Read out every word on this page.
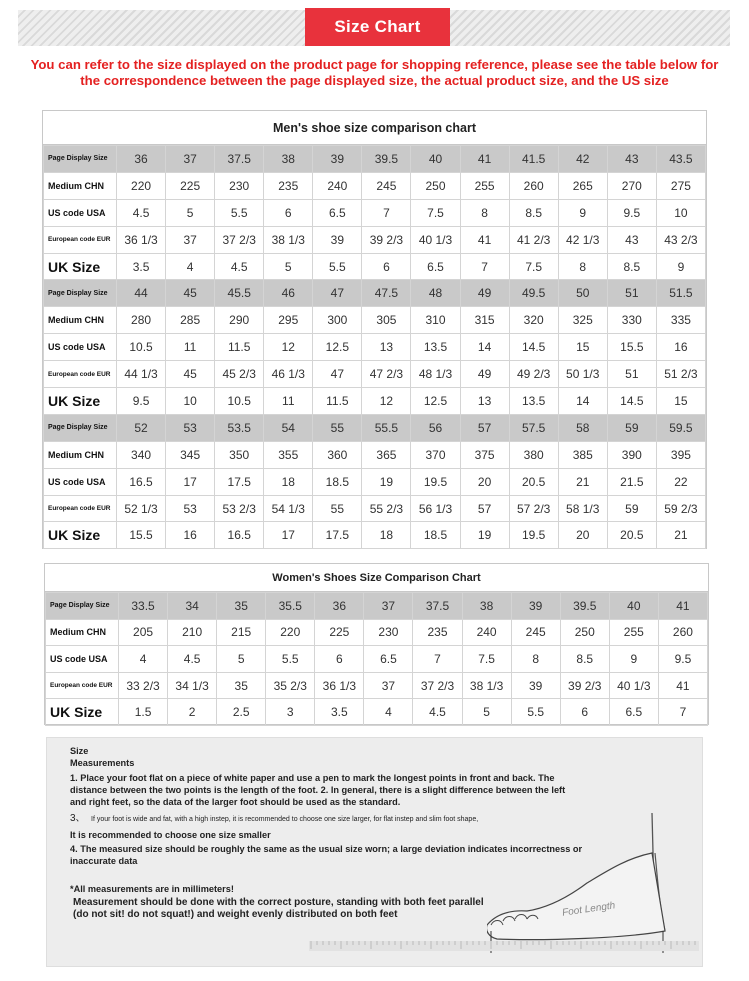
Size Chart
You can refer to the size displayed on the product page for shopping reference, please see the table below for the correspondence between the page displayed size, the actual product size, and the US size
Men's shoe size comparison chart
Page Display Size	36	37	37.5	38	39	39.5	40	41	41.5	42	43	43.5
Medium CHN	220	225	230	235	240	245	250	255	260	265	270	275
US code USA	4.5	5	5.5	6	6.5	7	7.5	8	8.5	9	9.5	10
European code EUR	36 1/3	37	37 2/3	38 1/3	39	39 2/3	40 1/3	41	41 2/3	42 1/3	43	43 2/3
UK Size	3.5	4	4.5	5	5.5	6	6.5	7	7.5	8	8.5	9
Page Display Size	44	45	45.5	46	47	47.5	48	49	49.5	50	51	51.5
Medium CHN	280	285	290	295	300	305	310	315	320	325	330	335
US code USA	10.5	11	11.5	12	12.5	13	13.5	14	14.5	15	15.5	16
European code EUR	44 1/3	45	45 2/3	46 1/3	47	47 2/3	48 1/3	49	49 2/3	50 1/3	51	51 2/3
UK Size	9.5	10	10.5	11	11.5	12	12.5	13	13.5	14	14.5	15
Page Display Size	52	53	53.5	54	55	55.5	56	57	57.5	58	59	59.5
Medium CHN	340	345	350	355	360	365	370	375	380	385	390	395
US code USA	16.5	17	17.5	18	18.5	19	19.5	20	20.5	21	21.5	22
European code EUR	52 1/3	53	53 2/3	54 1/3	55	55 2/3	56 1/3	57	57 2/3	58 1/3	59	59 2/3
UK Size	15.5	16	16.5	17	17.5	18	18.5	19	19.5	20	20.5	21
Women's Shoes Size Comparison Chart
Page Display Size	33.5	34	35	35.5	36	37	37.5	38	39	39.5	40	41
Medium CHN	205	210	215	220	225	230	235	240	245	250	255	260
US code USA	4	4.5	5	5.5	6	6.5	7	7.5	8	8.5	9	9.5
European code EUR	33 2/3	34 1/3	35	35 2/3	36 1/3	37	37 2/3	38 1/3	39	39 2/3	40 1/3	41
UK Size	1.5	2	2.5	3	3.5	4	4.5	5	5.5	6	6.5	7
Size
Measurements
1. Place your foot flat on a piece of white paper and use a pen to mark the longest points in front and back. The distance between the two points is the length of the foot. 2. In general, there is a slight difference between the left and right feet, so the data of the larger foot should be used as the standard.
3、 If your foot is wide and fat, with a high instep, it is recommended to choose one size larger, for flat instep and slim foot shape,
It is recommended to choose one size smaller
4. The measured size should be roughly the same as the usual size worn; a large deviation indicates incorrectness or inaccurate data
*All measurements are in millimeters!
Measurement should be done with the correct posture, standing with both feet parallel (do not sit! do not squat!) and weight evenly distributed on both feet	Foot Length
